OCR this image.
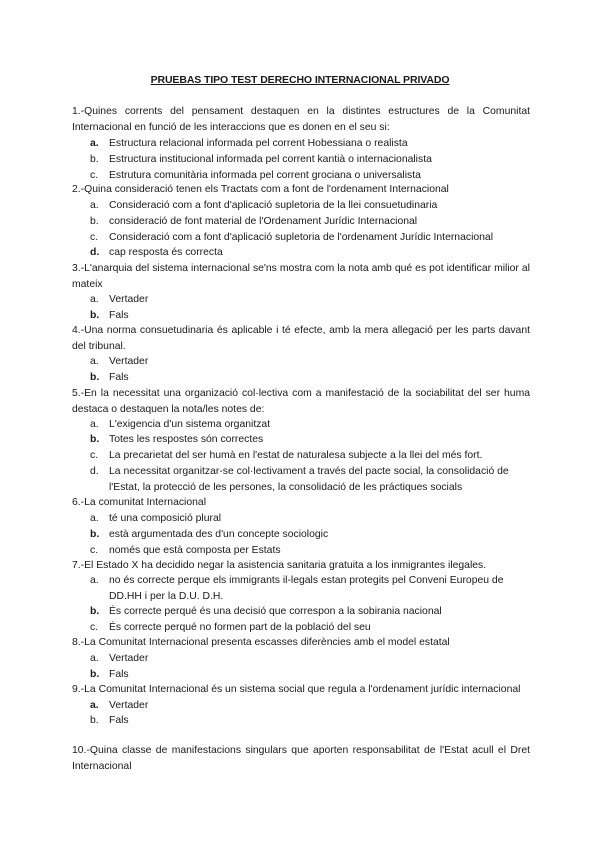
PRUEBAS TIPO TEST DERECHO INTERNACIONAL PRIVADO
1.-Quines corrents del pensament destaquen en la distintes estructures de la Comunitat Internacional en funció de les interaccions que es donen en el seu si:
a. Estructura relacional informada pel corrent Hobessiana o realista
b. Estructura institucional informada pel corrent kantià o internacionalista
c.	Estrutura comunitària informada pel corrent grociana o universalista
2.-Quina consideració tenen els Tractats com a font de l'ordenament Internacional
a. Consideració com a font d'aplicació supletoria de la llei consuetudinaria
b. consideració de font material de l'Ordenament Jurídic Internacional
c.	Consideració com a font d'aplicació supletoria de l'ordenament Jurídic Internacional
d. cap resposta és correcta
3.-L'anarquia del sistema internacional se'ns mostra com la nota amb qué es pot identificar milior al mateix
a. Vertader
b. Fals
4.-Una norma consuetudinaria és aplicable i té efecte, amb la mera allegació per les parts davant del tribunal.
a. Vertader
b. Fals
5.-En la necessitat una organizació col·lectiva com a manifestació de la sociabilitat del ser huma destaca o destaquen la nota/les notes de:
a. L'exigencia d'un sistema organitzat
b. Totes les respostes són correctes
c.	La precarietat del ser humà en l'estat de naturalesa subjecte a la llei del més fort.
d. La necessitat organitzar-se col·lectivament a través del pacte social, la consolidació de l'Estat, la protecció de les persones, la consolidació de les práctiques socials
6.-La comunitat Internacional
a. té una composició plural
b. està argumentada des d'un concepte sociologic
c.	només que està composta per Estats
7.-El Estado X ha decidido negar la asistencia sanitaria gratuita a los inmigrantes ilegales.
a. no és correcte perque els immigrants il-legals estan protegits pel Conveni Europeu de DD.HH i per la D.U. D.H.
b. És correcte perqué és una decisió que correspon a la sobirania nacional
c.	És correcte perqué no formen part de la població del seu
8.-La Comunitat Internacional presenta escasses diferències amb el model estatal
a. Vertader
b. Fals
9.-La Comunitat Internacional és un sistema social que regula a l'ordenament jurídic internacional
a. Vertader
b. Fals
10.-Quina classe de manifestacions singulars que aporten responsabilitat de l'Estat acull el Dret Internacional
